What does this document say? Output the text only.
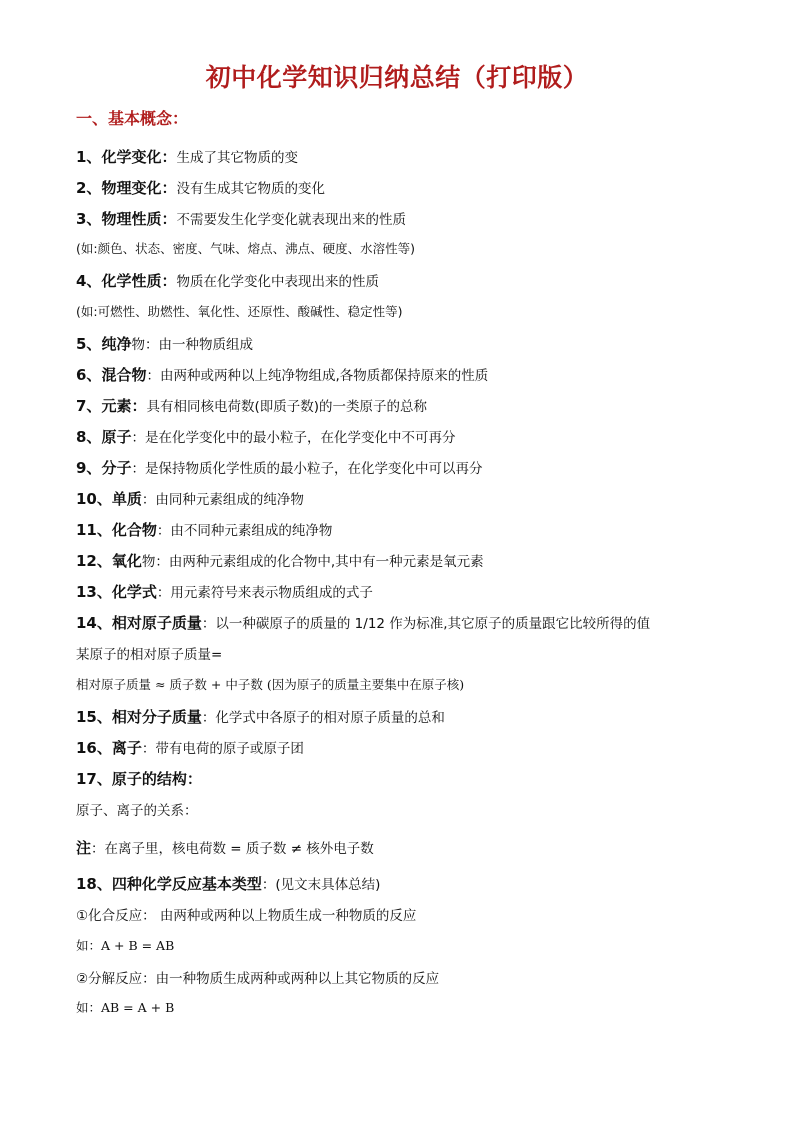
初中化学知识归纳总结（打印版）
一、基本概念：
1、化学变化：生成了其它物质的变
2、物理变化：没有生成其它物质的变化
3、物理性质：不需要发生化学变化就表现出来的性质
(如:颜色、状态、密度、气味、熔点、沸点、硬度、水溶性等)
4、化学性质：物质在化学变化中表现出来的性质
(如:可燃性、助燃性、氧化性、还原性、酸碱性、稳定性等)
5、纯净物：由一种物质组成
6、混合物：由两种或两种以上纯净物组成,各物质都保持原来的性质
7、元素：具有相同核电荷数(即质子数)的一类原子的总称
8、原子：是在化学变化中的最小粒子，在化学变化中不可再分
9、分子：是保持物质化学性质的最小粒子，在化学变化中可以再分
10、单质：由同种元素组成的纯净物
11、化合物：由不同种元素组成的纯净物
12、氧化物：由两种元素组成的化合物中,其中有一种元素是氧元素
13、化学式：用元素符号来表示物质组成的式子
14、相对原子质量：以一种碳原子的质量的 1/12 作为标准,其它原子的质量跟它比较所得的值
某原子的相对原子质量=
相对原子质量 ≈ 质子数 + 中子数 (因为原子的质量主要集中在原子核)
15、相对分子质量：化学式中各原子的相对原子质量的总和
16、离子：带有电荷的原子或原子团
17、原子的结构：
原子、离子的关系：
注：在离子里，核电荷数 = 质子数 ≠ 核外电子数
18、四种化学反应基本类型：(见文末具体总结)
①化合反应： 由两种或两种以上物质生成一种物质的反应
如：A + B = AB
②分解反应：由一种物质生成两种或两种以上其它物质的反应
如：AB = A + B
